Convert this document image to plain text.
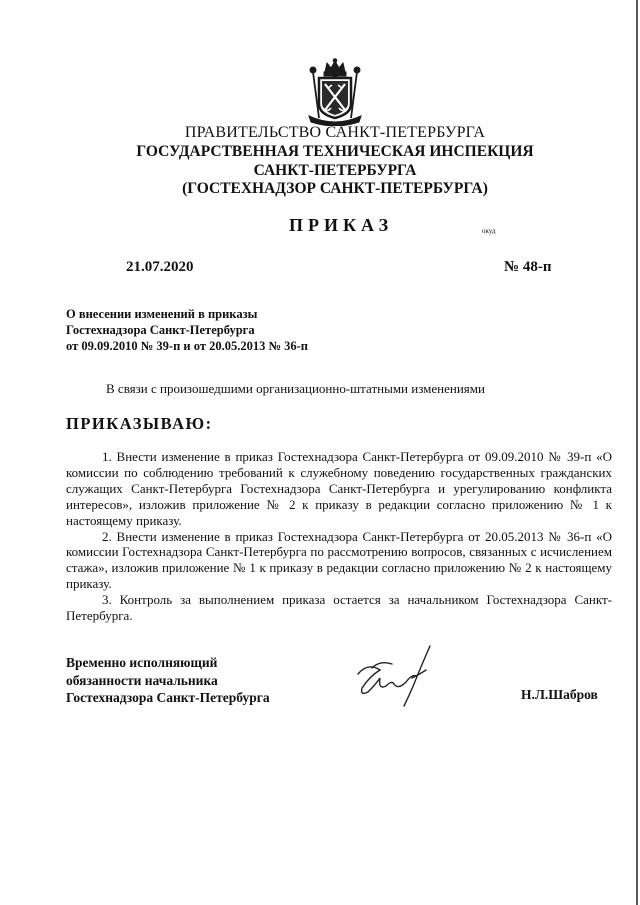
ПРАВИТЕЛЬСТВО САНКТ-ПЕТЕРБУРГА
ГОСУДАРСТВЕННАЯ ТЕХНИЧЕСКАЯ ИНСПЕКЦИЯ
САНКТ-ПЕТЕРБУРГА
(ГОСТЕХНАДЗОР САНКТ-ПЕТЕРБУРГА)
ПРИКАЗ	окуд
21.07.2020	№ 48-п
О внесении изменений в приказы
Гостехнадзора Санкт-Петербурга
от 09.09.2010 № 39-п и от 20.05.2013 № 36-п
В связи с произошедшими организационно-штатными изменениями
ПРИКАЗЫВАЮ:

1. Внести изменение в приказ Гостехнадзора Санкт-Петербурга от 09.09.2010 № 39-п «О комиссии по соблюдению требований к служебному поведению государственных гражданских служащих Санкт-Петербурга Гостехнадзора Санкт-Петербурга и урегулированию конфликта интересов», изложив приложение № 2 к приказу в редакции согласно приложению № 1 к настоящему приказу.

2. Внести изменение в приказ Гостехнадзора Санкт-Петербурга от 20.05.2013 № 36-п «О комиссии Гостехнадзора Санкт-Петербурга по рассмотрению вопросов, связанных с исчислением стажа», изложив приложение № 1 к приказу в редакции согласно приложению № 2 к настоящему приказу.

3. Контроль за выполнением приказа остается за начальником Гостехнадзора Санкт-Петербурга.

Временно исполняющий
обязанности начальника
Гостехнадзора Санкт-Петербурга	Н.Л.Шабров
